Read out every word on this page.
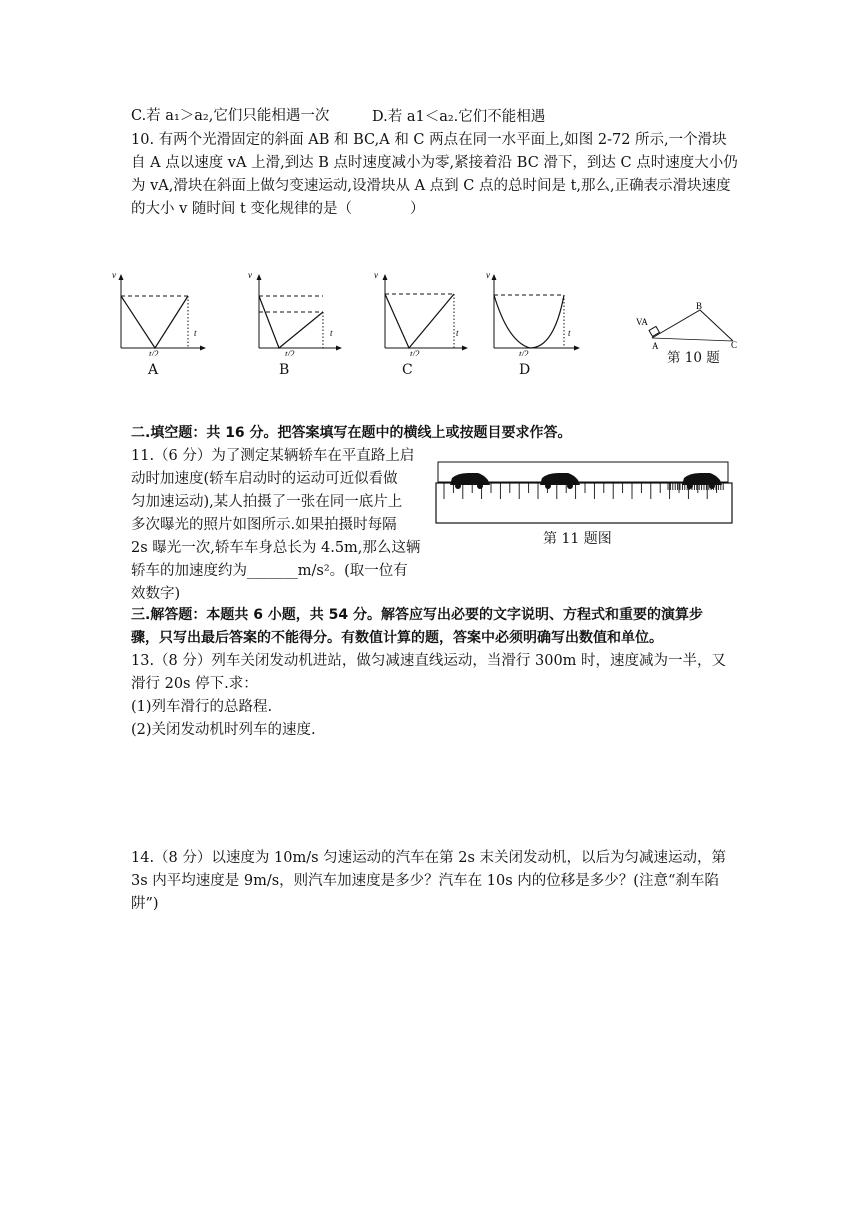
C.若 a₁＞a₂,它们只能相遇一次	D.若 a1＜a₂.它们不能相遇
10. 有两个光滑固定的斜面 AB 和 BC,A 和 C 两点在同一水平面上,如图 2-72 所示,一个滑块
自 A 点以速度 vA 上滑,到达 B 点时速度减小为零,紧接着沿 BC 滑下，到达 C 点时速度大小仍
为 vA,滑块在斜面上做匀变速运动,设滑块从 A 点到 C 点的总时间是 t,那么,正确表示滑块速度
的大小 v 随时间 t 变化规律的是（　　　　）
v
t
t/2
A
v
t
t/2
B
v
t
t/2
C
v
t
t/2
D
B
A	C
VA
第 10 题
二.填空题：共 16 分。把答案填写在题中的横线上或按题目要求作答。
11.（6 分）为了测定某辆轿车在平直路上启
动时加速度(轿车启动时的运动可近似看做
匀加速运动),某人拍摄了一张在同一底片上
多次曝光的照片如图所示.如果拍摄时每隔
2s 曝光一次,轿车车身总长为 4.5m,那么这辆
轿车的加速度约为_______m/s²。(取一位有
效数字)
第 11 题图
三.解答题：本题共 6 小题，共 54 分。解答应写出必要的文字说明、方程式和重要的演算步
骤，只写出最后答案的不能得分。有数值计算的题，答案中必须明确写出数值和单位。
13.（8 分）列车关闭发动机进站，做匀减速直线运动，当滑行 300m 时，速度减为一半，又
滑行 20s 停下.求：
(1)列车滑行的总路程.
(2)关闭发动机时列车的速度.
14.（8 分）以速度为 10m/s 匀速运动的汽车在第 2s 末关闭发动机，以后为匀减速运动，第
3s 内平均速度是 9m/s，则汽车加速度是多少？汽车在 10s 内的位移是多少？(注意“刹车陷
阱”)
